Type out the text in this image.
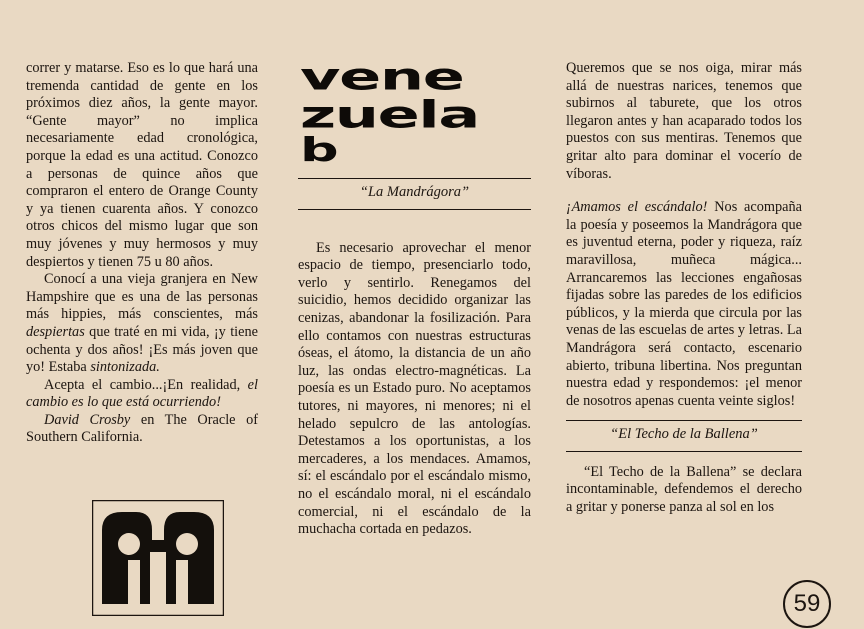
correr y matarse. Eso es lo que hará una tremenda cantidad de gente en los próximos diez años, la gente mayor. “Gente mayor” no implica necesariamente edad cronológica, porque la edad es una actitud. Conozco a personas de quince años que compraron el entero de Orange County y ya tienen cuarenta años. Y conozco otros chicos del mismo lugar que son muy jóvenes y muy hermosos y muy despiertos y tienen 75 u 80 años.

Conocí a una vieja granjera en New Hampshire que es una de las personas más hippies, más conscientes, más despiertas que traté en mi vida, ¡y tiene ochenta y dos años! ¡Es más joven que yo! Estaba sintonizada.

Acepta el cambio...¡En realidad, el cambio es lo que está ocurriendo!

David Crosby en The Oracle of Southern California.

vene
zuela
b
“La Mandrágora”

Es necesario aprovechar el menor espacio de tiempo, presenciarlo todo, verlo y sentirlo. Renegamos del suicidio, hemos decidido organizar las cenizas, abandonar la fosilización. Para ello contamos con nuestras estructuras óseas, el átomo, la distancia de un año luz, las ondas electro-magnéticas. La poesía es un Estado puro. No aceptamos tutores, ni mayores, ni menores; ni el helado sepulcro de las antologías. Detestamos a los oportunistas, a los mercaderes, a los mendaces. Amamos, sí: el escándalo por el escándalo mismo, no el escándalo moral, ni el escándalo comercial, ni el escándalo de la muchacha cortada en pedazos.

Queremos que se nos oiga, mirar más allá de nuestras narices, tenemos que subirnos al taburete, que los otros llegaron antes y han acaparado todos los puestos con sus mentiras. Tenemos que gritar alto para dominar el vocerío de víboras.

¡Amamos el escándalo! Nos acompaña la poesía y poseemos la Mandrágora que es juventud eterna, poder y riqueza, raíz maravillosa, muñeca mágica... Arrancaremos las lecciones engañosas fijadas sobre las paredes de los edificios públicos, y la mierda que circula por las venas de las escuelas de artes y letras. La Mandrágora será contacto, escenario abierto, tribuna libertina. Nos preguntan nuestra edad y respondemos: ¡el menor de nosotros apenas cuenta veinte siglos!

“El Techo de la Ballena”

“El Techo de la Ballena” se declara incontaminable, defendemos el derecho a gritar y ponerse panza al sol en los

59
